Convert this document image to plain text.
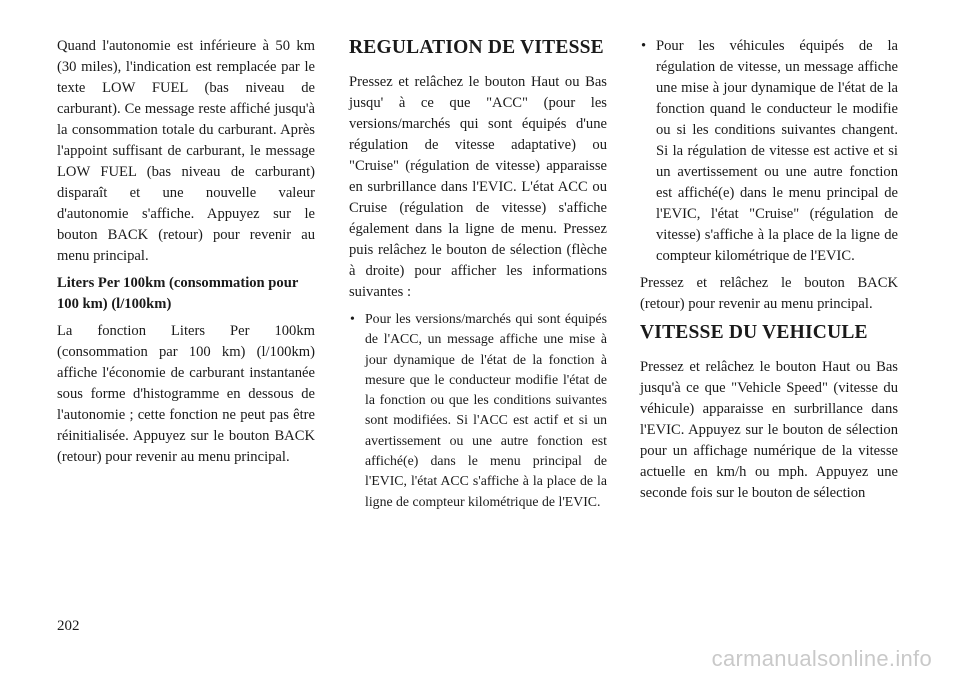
Quand l'autonomie est inférieure à 50 km (30 miles), l'indication est remplacée par le texte LOW FUEL (bas niveau de carburant). Ce message reste affiché jusqu'à la consommation totale du carburant. Après l'appoint suffisant de carburant, le message LOW FUEL (bas niveau de carburant) disparaît et une nouvelle valeur d'autonomie s'affiche. Appuyez sur le bouton BACK (retour) pour revenir au menu principal.

Liters Per 100km (consommation pour 100 km) (l/100km)

La fonction Liters Per 100km (consommation par 100 km) (l/100km) affiche l'économie de carburant instantanée sous forme d'histogramme en dessous de l'autonomie ; cette fonction ne peut pas être réinitialisée. Appuyez sur le bouton BACK (retour) pour revenir au menu principal.

REGULATION DE VITESSE

Pressez et relâchez le bouton Haut ou Bas jusqu' à ce que "ACC" (pour les versions/marchés qui sont équipés d'une régulation de vitesse adaptative) ou "Cruise" (régulation de vitesse) apparaisse en surbrillance dans l'EVIC. L'état ACC ou Cruise (régulation de vitesse) s'affiche également dans la ligne de menu. Pressez puis relâchez le bouton de sélection (flèche à droite) pour afficher les informations suivantes :

• Pour les versions/marchés qui sont équipés de l'ACC, un message affiche une mise à jour dynamique de l'état de la fonction à mesure que le conducteur modifie l'état de la fonction ou que les conditions suivantes sont modifiées. Si l'ACC est actif et si un avertissement ou une autre fonction est affiché(e) dans le menu principal de l'EVIC, l'état ACC s'affiche à la place de la ligne de compteur kilométrique de l'EVIC.
• Pour les véhicules équipés de la régulation de vitesse, un message affiche une mise à jour dynamique de l'état de la fonction quand le conducteur le modifie ou si les conditions suivantes changent. Si la régulation de vitesse est active et si un avertissement ou une autre fonction est affiché(e) dans le menu principal de l'EVIC, l'état "Cruise" (régulation de vitesse) s'affiche à la place de la ligne de compteur kilométrique de l'EVIC.

Pressez et relâchez le bouton BACK (retour) pour revenir au menu principal.

VITESSE DU VEHICULE

Pressez et relâchez le bouton Haut ou Bas jusqu'à ce que "Vehicle Speed" (vitesse du véhicule) apparaisse en surbrillance dans l'EVIC. Appuyez sur le bouton de sélection pour un affichage numérique de la vitesse actuelle en km/h ou mph. Appuyez une seconde fois sur le bouton de sélection

202
carmanualsonline.info
